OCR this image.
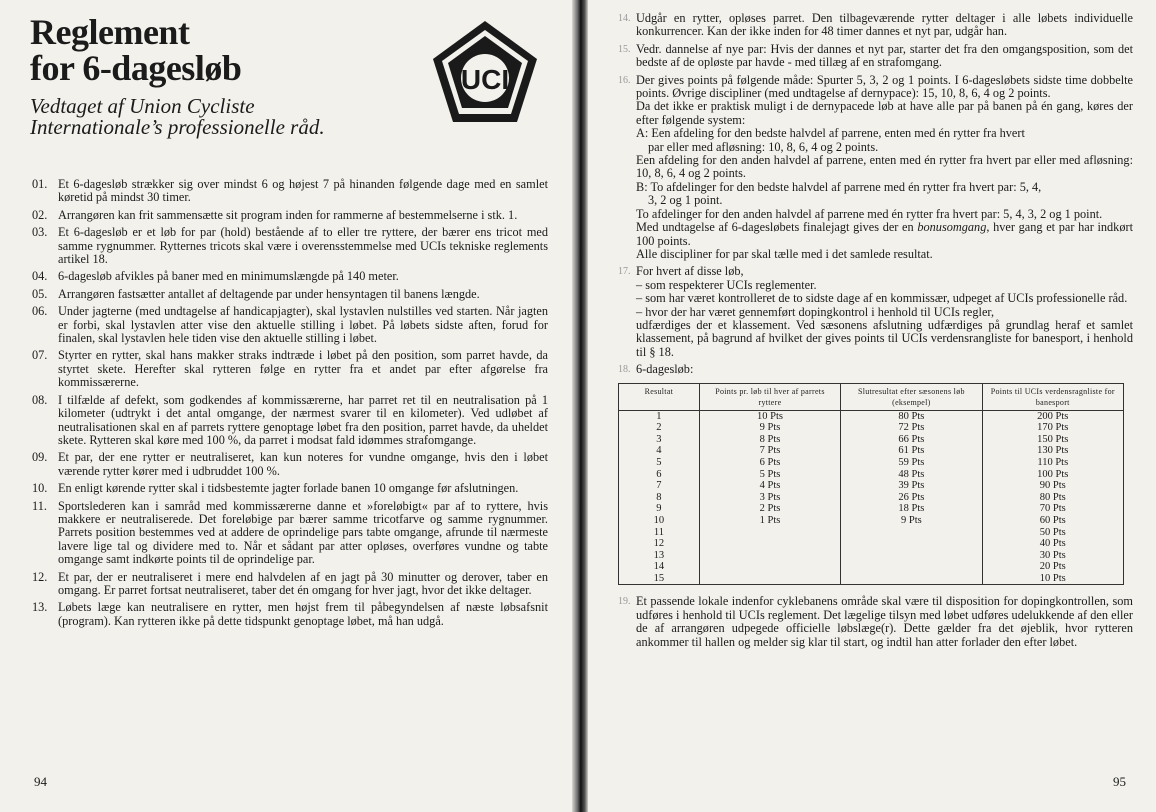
Reglement
for 6-dagesløb
Vedtaget af Union Cycliste
Internationale’s professionelle råd.
UCI
01. Et 6-dagesløb strækker sig over mindst 6 og højest 7 på hinanden følgende dage med en samlet køretid på mindst 30 timer.
02. Arrangøren kan frit sammensætte sit program inden for rammerne af bestemmelserne i stk. 1.
03. Et 6-dagesløb er et løb for par (hold) bestående af to eller tre ryttere, der bærer ens tricot med samme rygnummer. Rytternes tricots skal være i overensstemmelse med UCIs tekniske reglements artikel 18.
04. 6-dagesløb afvikles på baner med en minimumslængde på 140 meter.
05. Arrangøren fastsætter antallet af deltagende par under hensyntagen til banens længde.
06. Under jagterne (med undtagelse af handicapjagter), skal lystavlen nulstilles ved starten. Når jagten er forbi, skal lystavlen atter vise den aktuelle stilling i løbet. På løbets sidste aften, forud for finalen, skal lystavlen hele tiden vise den aktuelle stilling i løbet.
07. Styrter en rytter, skal hans makker straks indtræde i løbet på den position, som parret havde, da styrtet skete. Herefter skal rytteren følge en rytter fra et andet par efter afgørelse fra kommissærerne.
08. I tilfælde af defekt, som godkendes af kommissærerne, har parret ret til en neutralisation på 1 kilometer (udtrykt i det antal omgange, der nærmest svarer til en kilometer). Ved udløbet af neutralisationen skal en af parrets ryttere genoptage løbet fra den position, parret havde, da uheldet skete. Rytteren skal køre med 100 %, da parret i modsat fald idømmes strafomgange.
09. Et par, der ene rytter er neutraliseret, kan kun noteres for vundne omgange, hvis den i løbet værende rytter kører med i udbruddet 100 %.
10. En enligt kørende rytter skal i tidsbestemte jagter forlade banen 10 omgange før afslutningen.
11. Sportslederen kan i samråd med kommissærerne danne et »foreløbigt« par af to ryttere, hvis makkere er neutraliserede. Det foreløbige par bærer samme tricotfarve og samme rygnummer. Parrets position bestemmes ved at addere de oprindelige pars tabte omgange, afrunde til nærmeste lavere lige tal og dividere med to. Når et sådant par atter opløses, overføres vundne og tabte omgange samt indkørte points til de oprindelige par.
12. Et par, der er neutraliseret i mere end halvdelen af en jagt på 30 minutter og derover, taber en omgang. Er parret fortsat neutraliseret, taber det én omgang for hver jagt, hvor det ikke deltager.
13. Løbets læge kan neutralisere en rytter, men højst frem til påbegyndelsen af næste løbsafsnit (program). Kan rytteren ikke på dette tidspunkt genoptage løbet, må han udgå.
94
14. Udgår en rytter, opløses parret. Den tilbageværende rytter deltager i alle løbets individuelle konkurrencer. Kan der ikke inden for 48 timer dannes et nyt par, udgår han.
15. Vedr. dannelse af nye par: Hvis der dannes et nyt par, starter det fra den omgangsposition, som det bedste af de opløste par havde - med tillæg af en strafomgang.
16. Der gives points på følgende måde: Spurter 5, 3, 2 og 1 points. I 6-dagesløbets sidste time dobbelte points. Øvrige discipliner (med undtagelse af dernypace): 15, 10, 8, 6, 4 og 2 points.
Da det ikke er praktisk muligt i de dernypacede løb at have alle par på banen på én gang, køres der efter følgende system:
A: Een afdeling for den bedste halvdel af parrene, enten med én rytter fra hvert
par eller med afløsning: 10, 8, 6, 4 og 2 points.
Een afdeling for den anden halvdel af parrene, enten med én rytter fra hvert par eller med afløsning: 10, 8, 6, 4 og 2 points.
B: To afdelinger for den bedste halvdel af parrene med én rytter fra hvert par: 5, 4,
3, 2 og 1 point.
To afdelinger for den anden halvdel af parrene med én rytter fra hvert par: 5, 4, 3, 2 og 1 point.
Med undtagelse af 6-dagesløbets finalejagt gives der en bonusomgang, hver gang et par har indkørt 100 points.
Alle discipliner for par skal tælle med i det samlede resultat.
17. For hvert af disse løb,
– som respekterer UCIs reglementer.
– som har været kontrolleret de to sidste dage af en kommissær, udpeget af UCIs professionelle råd.
– hvor der har været gennemført dopingkontrol i henhold til UCIs regler,
udfærdiges der et klassement. Ved sæsonens afslutning udfærdiges på grundlag heraf et samlet klassement, på bagrund af hvilket der gives points til UCIs verdensrangliste for banesport, i henhold til § 18.
18. 6-dagesløb:
Resultat	Points pr. løb til hver af parrets ryttere	Slutresultat efter sæsonens løb (eksempel)	Points til UCIs verdensragnliste for banesport
1	10 Pts	80 Pts	200 Pts
2	9 Pts	72 Pts	170 Pts
3	8 Pts	66 Pts	150 Pts
4	7 Pts	61 Pts	130 Pts
5	6 Pts	59 Pts	110 Pts
6	5 Pts	48 Pts	100 Pts
7	4 Pts	39 Pts	90 Pts
8	3 Pts	26 Pts	80 Pts
9	2 Pts	18 Pts	70 Pts
10	1 Pts	9 Pts	60 Pts
11			50 Pts
12			40 Pts
13			30 Pts
14			20 Pts
15			10 Pts
19. Et passende lokale indenfor cyklebanens område skal være til disposition for dopingkontrollen, som udføres i henhold til UCIs reglement. Det lægelige tilsyn med løbet udføres udelukkende af den eller de af arrangøren udpegede officielle løbslæge(r). Dette gælder fra det øjeblik, hvor rytteren ankommer til hallen og melder sig klar til start, og indtil han atter forlader den efter løbet.
95
